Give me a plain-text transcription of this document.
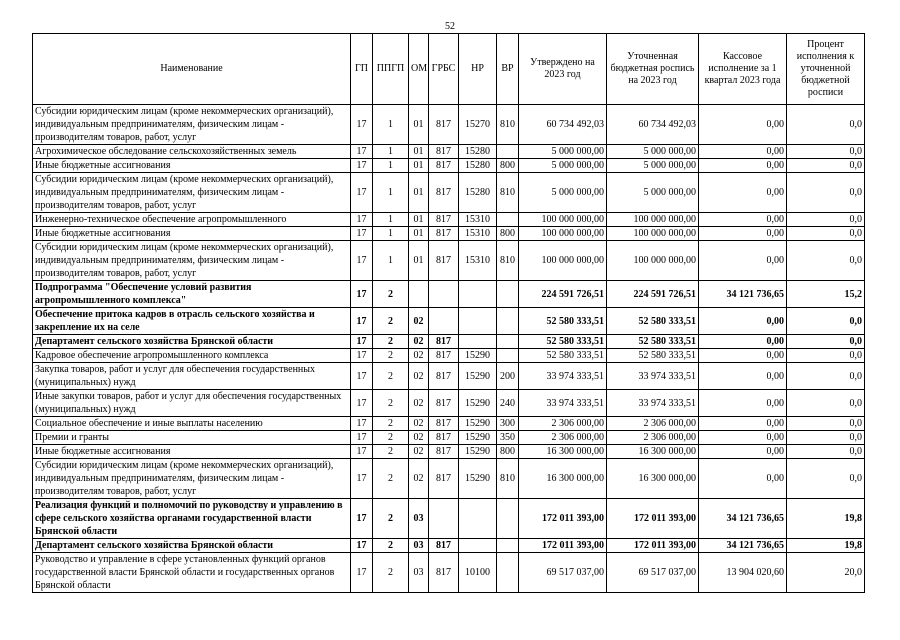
52
Наименование	ГП	ППГП	ОМ	ГРБС	НР	ВР	Утверждено на 2023 год	Уточненная бюджетная роспись на 2023 год	Кассовое исполнение за 1 квартал 2023 года	Процент исполнения к уточненной бюджетной росписи
Субсидии юридическим лицам (кроме некоммерческих организаций), индивидуальным предпринимателям, физическим лицам - производителям товаров, работ, услуг	17	1	01	817	15270	810	60 734 492,03	60 734 492,03	0,00	0,0
Агрохимическое обследование сельскохозяйственных земель	17	1	01	817	15280		5 000 000,00	5 000 000,00	0,00	0,0
Иные бюджетные ассигнования	17	1	01	817	15280	800	5 000 000,00	5 000 000,00	0,00	0,0
Субсидии юридическим лицам (кроме некоммерческих организаций), индивидуальным предпринимателям, физическим лицам - производителям товаров, работ, услуг	17	1	01	817	15280	810	5 000 000,00	5 000 000,00	0,00	0,0
Инженерно-техническое обеспечение агропромышленного	17	1	01	817	15310		100 000 000,00	100 000 000,00	0,00	0,0
Иные бюджетные ассигнования	17	1	01	817	15310	800	100 000 000,00	100 000 000,00	0,00	0,0
Субсидии юридическим лицам (кроме некоммерческих организаций), индивидуальным предпринимателям, физическим лицам - производителям товаров, работ, услуг	17	1	01	817	15310	810	100 000 000,00	100 000 000,00	0,00	0,0
Подпрограмма "Обеспечение условий развития агропромышленного комплекса"	17	2					224 591 726,51	224 591 726,51	34 121 736,65	15,2
Обеспечение притока кадров в отрасль сельского хозяйства и закрепление их на селе	17	2	02				52 580 333,51	52 580 333,51	0,00	0,0
Департамент сельского хозяйства Брянской области	17	2	02	817			52 580 333,51	52 580 333,51	0,00	0,0
Кадровое обеспечение агропромышленного комплекса	17	2	02	817	15290		52 580 333,51	52 580 333,51	0,00	0,0
Закупка товаров, работ и услуг для обеспечения государственных (муниципальных) нужд	17	2	02	817	15290	200	33 974 333,51	33 974 333,51	0,00	0,0
Иные закупки товаров, работ и услуг для обеспечения государственных (муниципальных) нужд	17	2	02	817	15290	240	33 974 333,51	33 974 333,51	0,00	0,0
Социальное обеспечение и иные выплаты населению	17	2	02	817	15290	300	2 306 000,00	2 306 000,00	0,00	0,0
Премии и гранты	17	2	02	817	15290	350	2 306 000,00	2 306 000,00	0,00	0,0
Иные бюджетные ассигнования	17	2	02	817	15290	800	16 300 000,00	16 300 000,00	0,00	0,0
Субсидии юридическим лицам (кроме некоммерческих организаций), индивидуальным предпринимателям, физическим лицам - производителям товаров, работ, услуг	17	2	02	817	15290	810	16 300 000,00	16 300 000,00	0,00	0,0
Реализация функций и полномочий по руководству и управлению в сфере сельского хозяйства органами государственной власти Брянской области	17	2	03				172 011 393,00	172 011 393,00	34 121 736,65	19,8
Департамент сельского хозяйства Брянской области	17	2	03	817			172 011 393,00	172 011 393,00	34 121 736,65	19,8
Руководство и управление в сфере установленных функций органов государственной власти Брянской области и государственных органов Брянской области	17	2	03	817	10100		69 517 037,00	69 517 037,00	13 904 020,60	20,0
